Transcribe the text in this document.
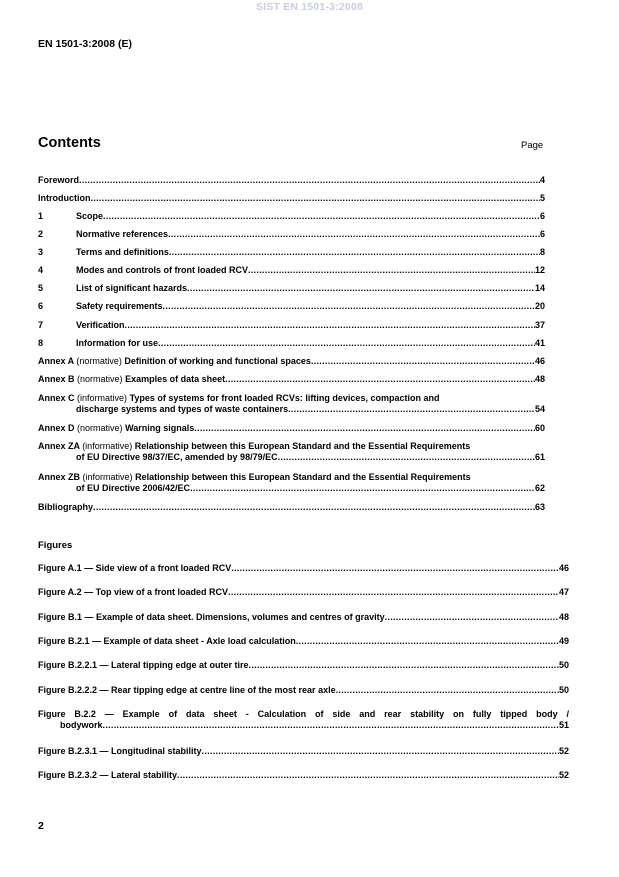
SIST EN 1501-3:2008
EN 1501-3:2008 (E)
Contents	Page
Foreword .....	4
Introduction .....	5
1	Scope .....	6
2	Normative references .....	6
3	Terms and definitions .....	8
4	Modes and controls of front loaded RCV .....	12
5	List of significant hazards .....	14
6	Safety requirements .....	20
7	Verification .....	37
8	Information for use .....	41
Annex A (normative) Definition of working and functional spaces .....	46
Annex B (normative) Examples of data sheet .....	48
Annex C (informative) Types of systems for front loaded RCVs: lifting devices, compaction and
discharge systems and types of waste containers .....	54
Annex D (normative) Warning signals .....	60
Annex ZA (informative) Relationship between this European Standard and the Essential Requirements
of EU Directive 98/37/EC, amended by 98/79/EC .....	61
Annex ZB (informative) Relationship between this European Standard and the Essential Requirements
of EU Directive 2006/42/EC .....	62
Bibliography .....	63
Figures
Figure A.1 — Side view of a front loaded RCV .....	46
Figure A.2 — Top view of a front loaded RCV .....	47
Figure B.1 — Example of data sheet. Dimensions, volumes and centres of gravity .....	48
Figure B.2.1 — Example of data sheet - Axle load calculation .....	49
Figure B.2.2.1 — Lateral tipping edge at outer tire .....	50
Figure B.2.2.2 — Rear tipping edge at centre line of the most rear axle .....	50
Figure B.2.2 — Example of data sheet - Calculation of side and rear stability on fully tipped body /
bodywork .....	51
Figure B.2.3.1 — Longitudinal stability .....	52
Figure B.2.3.2 — Lateral stability .....	52
2
